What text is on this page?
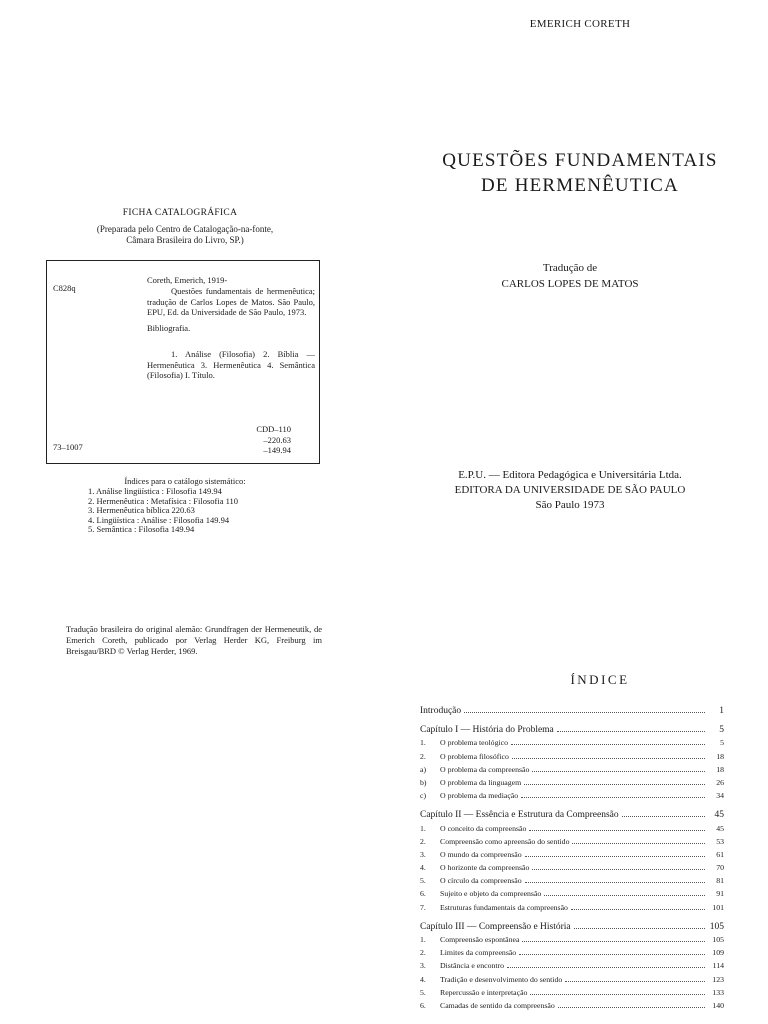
EMERICH CORETH
QUESTÕES FUNDAMENTAIS
DE HERMENÊUTICA
Tradução de
CARLOS LOPES DE MATOS
E.P.U. — Editora Pedagógica e Universitária Ltda.
EDITORA DA UNIVERSIDADE DE SÃO PAULO
São Paulo 1973
FICHA CATALOGRÁFICA
(Preparada pelo Centro de Catalogação-na-fonte,
Câmara Brasileira do Livro, SP.)
C828q
Coreth, Emerich, 1919-
Questões fundamentais de hermenêutica; tradução de Carlos Lopes de Matos. São Paulo, EPU, Ed. da Universidade de São Paulo, 1973.
Bibliografia.
1. Análise (Filosofia) 2. Bíblia — Hermenêutica 3. Hermenêutica 4. Semântica (Filosofia) I. Título.
CDD–110
–220.63
–149.94
73–1007
Índices para o catálogo sistemático:
1. Análise lingüística : Filosofia 149.94
2. Hermenêutica : Metafísica : Filosofia 110
3. Hermenêutica bíblica 220.63
4. Lingüística : Análise : Filosofia 149.94
5. Semântica : Filosofia 149.94
Tradução brasileira do original alemão: Grundfragen der Hermeneutik, de Emerich Coreth, publicado por Verlag Herder KG, Freiburg im Breisgau/BRD © Verlag Herder, 1969.
ÍNDICE
Introdução	1
Capítulo I — História do Problema	5
1. O problema teológico	5
2. O problema filosófico	18
a) O problema da compreensão	18
b) O problema da linguagem	26
c) O problema da mediação	34
Capítulo II — Essência e Estrutura da Compreensão	45
1. O conceito da compreensão	45
2. Compreensão como apreensão do sentido	53
3. O mundo da compreensão	61
4. O horizonte da compreensão	70
5. O círculo da compreensão	81
6. Sujeito e objeto da compreensão	91
7. Estruturas fundamentais da compreensão	101
Capítulo III — Compreensão e História	105
1. Compreensão espontânea	105
2. Limites da compreensão	109
3. Distância e encontro	114
4. Tradição e desenvolvimento do sentido	123
5. Repercussão e interpretação	133
6. Camadas de sentido da compreensão	140
